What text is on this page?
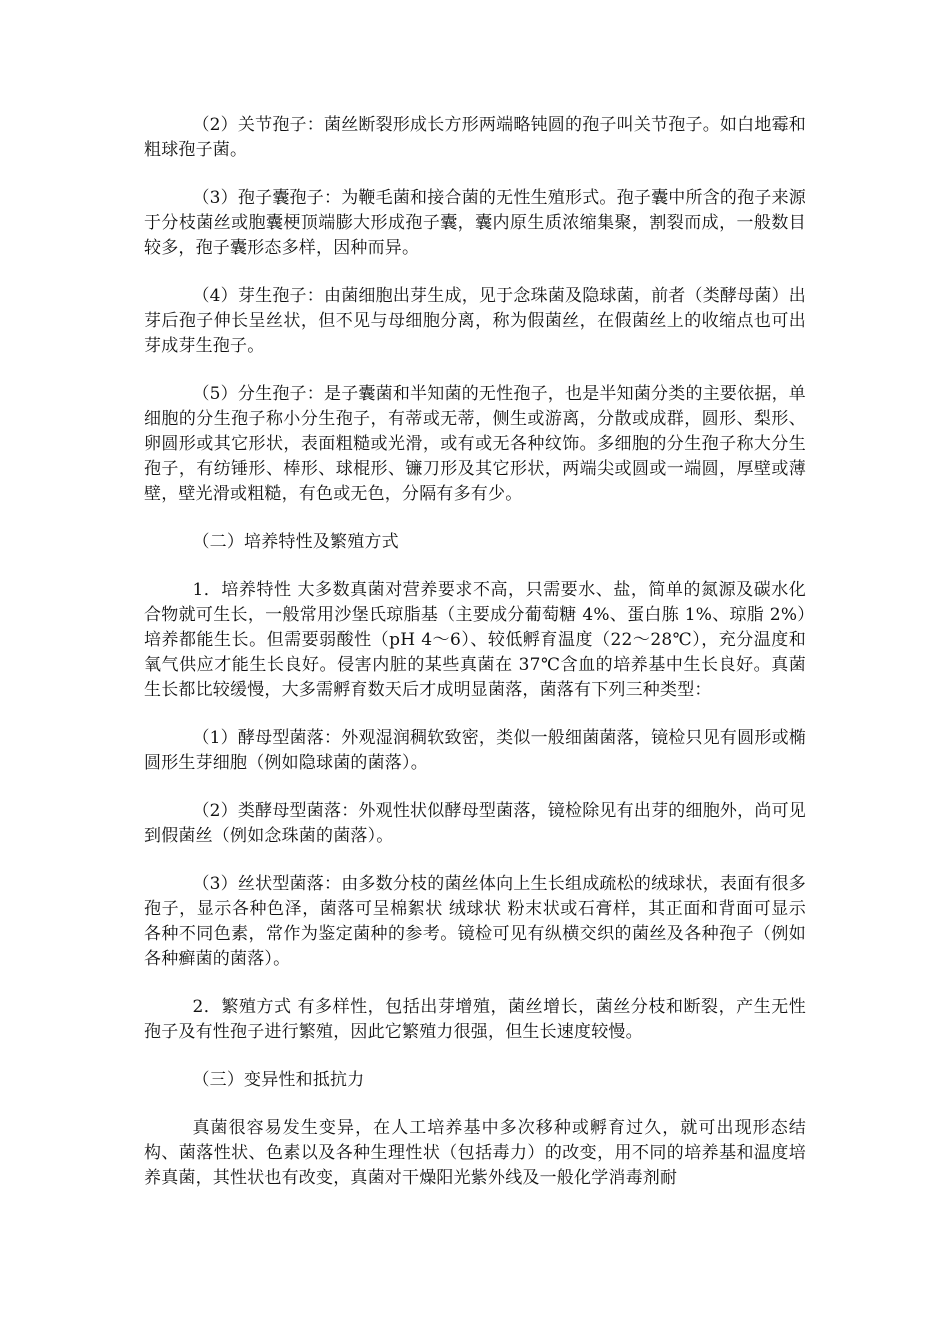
（2）关节孢子：菌丝断裂形成长方形两端略钝圆的孢子叫关节孢子。如白地霉和粗球孢子菌。

（3）孢子囊孢子：为鞭毛菌和接合菌的无性生殖形式。孢子囊中所含的孢子来源于分枝菌丝或胞囊梗顶端膨大形成孢子囊，囊内原生质浓缩集聚，割裂而成，一般数目较多，孢子囊形态多样，因种而异。

（4）芽生孢子：由菌细胞出芽生成，见于念珠菌及隐球菌，前者（类酵母菌）出芽后孢子伸长呈丝状，但不见与母细胞分离，称为假菌丝，在假菌丝上的收缩点也可出芽成芽生孢子。

（5）分生孢子：是子囊菌和半知菌的无性孢子，也是半知菌分类的主要依据，单细胞的分生孢子称小分生孢子，有蒂或无蒂，侧生或游离，分散或成群，圆形、梨形、卵圆形或其它形状，表面粗糙或光滑，或有或无各种纹饰。多细胞的分生孢子称大分生孢子，有纺锤形、棒形、球棍形、镰刀形及其它形状，两端尖或圆或一端圆，厚壁或薄壁，壁光滑或粗糙，有色或无色，分隔有多有少。

（二）培养特性及繁殖方式

1．培养特性 大多数真菌对营养要求不高，只需要水、盐，简单的氮源及碳水化合物就可生长，一般常用沙堡氏琼脂基（主要成分葡萄糖 4%、蛋白胨 1%、琼脂 2%）培养都能生长。但需要弱酸性（pH 4～6）、较低孵育温度（22～28℃），充分温度和氧气供应才能生长良好。侵害内脏的某些真菌在 37℃含血的培养基中生长良好。真菌生长都比较缓慢，大多需孵育数天后才成明显菌落，菌落有下列三种类型：

（1）酵母型菌落：外观湿润稠软致密，类似一般细菌菌落，镜检只见有圆形或椭圆形生芽细胞（例如隐球菌的菌落）。

（2）类酵母型菌落：外观性状似酵母型菌落，镜检除见有出芽的细胞外，尚可见到假菌丝（例如念珠菌的菌落）。

（3）丝状型菌落：由多数分枝的菌丝体向上生长组成疏松的绒球状，表面有很多孢子，显示各种色泽，菌落可呈棉絮状 绒球状 粉末状或石膏样，其正面和背面可显示各种不同色素，常作为鉴定菌种的参考。镜检可见有纵横交织的菌丝及各种孢子（例如各种癣菌的菌落）。

2．繁殖方式 有多样性，包括出芽增殖，菌丝增长，菌丝分枝和断裂，产生无性孢子及有性孢子进行繁殖，因此它繁殖力很强，但生长速度较慢。

（三）变异性和抵抗力

真菌很容易发生变异，在人工培养基中多次移种或孵育过久，就可出现形态结构、菌落性状、色素以及各种生理性状（包括毒力）的改变，用不同的培养基和温度培养真菌，其性状也有改变，真菌对干燥阳光紫外线及一般化学消毒剂耐
